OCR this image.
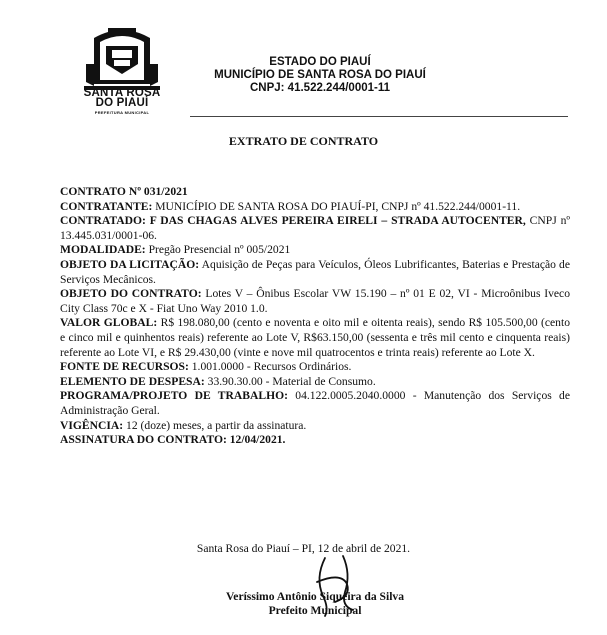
SANTA ROSA
DO PIAUÍ
PREFEITURA MUNICIPAL
ESTADO DO PIAUÍ
MUNICÍPIO DE SANTA ROSA DO PIAUÍ
CNPJ: 41.522.244/0001-11
EXTRATO DE CONTRATO

CONTRATO Nº 031/2021

CONTRATANTE: MUNICÍPIO DE SANTA ROSA DO PIAUÍ-PI, CNPJ nº 41.522.244/0001-11.

CONTRATADO: F DAS CHAGAS ALVES PEREIRA EIRELI – STRADA AUTOCENTER, CNPJ nº 13.445.031/0001-06.

MODALIDADE: Pregão Presencial nº 005/2021

OBJETO DA LICITAÇÃO: Aquisição de Peças para Veículos, Óleos Lubrificantes, Baterias e Prestação de Serviços Mecânicos.

OBJETO DO CONTRATO: Lotes V – Ônibus Escolar VW 15.190 – nº 01 E 02, VI - Microônibus Iveco City Class 70c e X - Fiat Uno Way 2010 1.0.

VALOR GLOBAL: R$ 198.080,00 (cento e noventa e oito mil e oitenta reais), sendo R$ 105.500,00 (cento e cinco mil e quinhentos reais) referente ao Lote V, R$63.150,00 (sessenta e três mil cento e cinquenta reais) referente ao Lote VI, e R$ 29.430,00 (vinte e nove mil quatrocentos e trinta reais) referente ao Lote X.

FONTE DE RECURSOS: 1.001.0000 - Recursos Ordinários.

ELEMENTO DE DESPESA: 33.90.30.00 - Material de Consumo.

PROGRAMA/PROJETO DE TRABALHO: 04.122.0005.2040.0000 - Manutenção dos Serviços de Administração Geral.

VIGÊNCIA: 12 (doze) meses, a partir da assinatura.

ASSINATURA DO CONTRATO: 12/04/2021.

Santa Rosa do Piauí – PI, 12 de abril de 2021.
Veríssimo Antônio Siqueira da Silva
Prefeito Municipal
